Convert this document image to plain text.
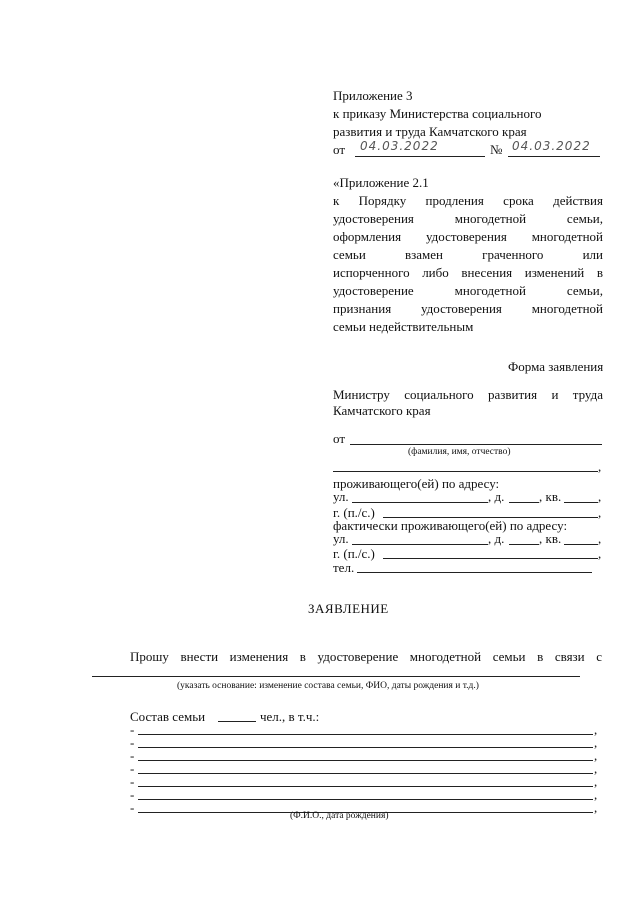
Приложение 3
к приказу Министерства социального
развития и труда Камчатского края
от 04.03.2022	№ 04.03.2022
«Приложение 2.1
к Порядку продления срока действия
удостоверения многодетной семьи,
оформления удостоверения многодетной
семьи взамен граченного или
испорченного либо внесения изменений в
удостоверение многодетной семьи,
признания удостоверения многодетной
семьи недействительным
Форма заявления
Министру социального развития и труда
Камчатского края
от
(фамилия, имя, отчество)
,
проживающего(ей) по адресу:
ул.	, д.	, кв.	,
г. (п./с.)	,
фактически проживающего(ей) по адресу:
ул.	, д.	, кв.	,
г. (п./с.)	,
тел.
ЗАЯВЛЕНИЕ
Прошу внести изменения в удостоверение многодетной семьи в связи с
(указать основание: изменение состава семьи, ФИО, даты рождения и т.д.)
Состав семьи	чел., в т.ч.:
-	,
-	,
-	,
-	,
-	,
-	,
-	,
(Ф.И.О., дата рождения)
